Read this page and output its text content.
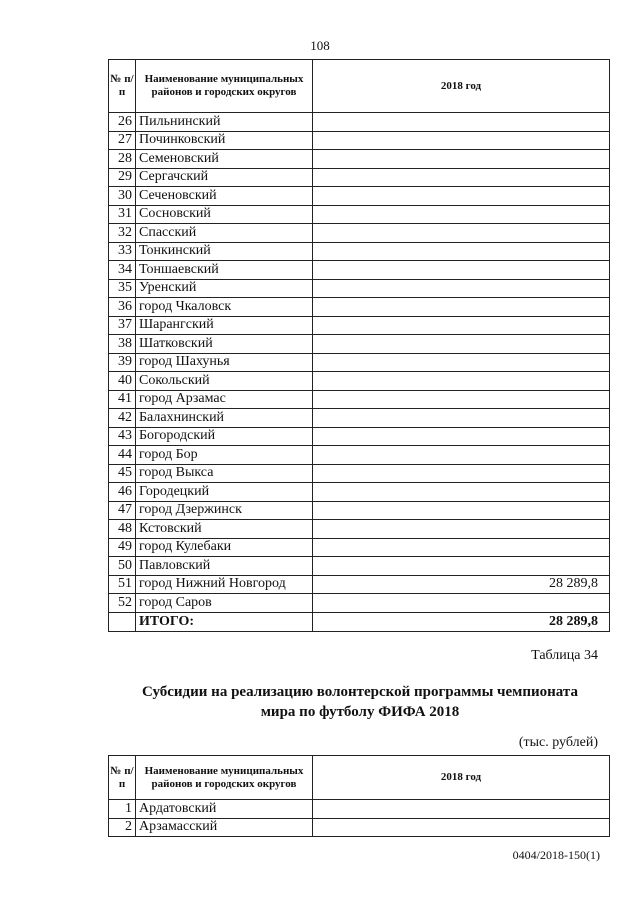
108
№ п/п	Наименование муниципальных районов и городских округов	2018 год
26	Пильнинский	
27	Починковский	
28	Семеновский	
29	Сергачский	
30	Сеченовский	
31	Сосновский	
32	Спасский	
33	Тонкинский	
34	Тоншаевский	
35	Уренский	
36	город Чкаловск	
37	Шарангский	
38	Шатковский	
39	город Шахунья	
40	Сокольский	
41	город Арзамас	
42	Балахнинский	
43	Богородский	
44	город Бор	
45	город Выкса	
46	Городецкий	
47	город Дзержинск	
48	Кстовский	
49	город Кулебаки	
50	Павловский	
51	город Нижний Новгород	28 289,8
52	город Саров	
	ИТОГО:	28 289,8
Таблица 34
Субсидии на реализацию волонтерской программы чемпионата
мира по футболу ФИФА 2018
(тыс. рублей)
№ п/п	Наименование муниципальных районов и городских округов	2018 год
1	Ардатовский	
2	Арзамасский	
0404/2018-150(1)
